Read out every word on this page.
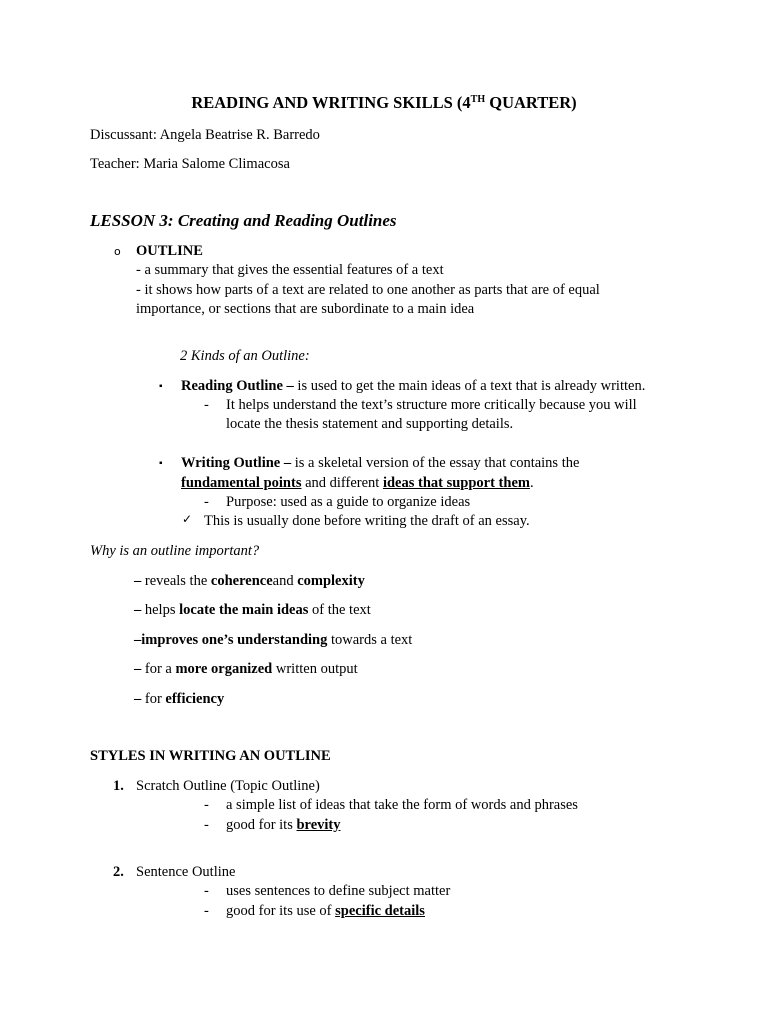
READING AND WRITING SKILLS (4TH QUARTER)
Discussant: Angela Beatrise R. Barredo
Teacher: Maria Salome Climacosa
LESSON 3: Creating and Reading Outlines
o OUTLINE
- a summary that gives the essential features of a text
- it shows how parts of a text are related to one another as parts that are of equal
importance, or sections that are subordinate to a main idea
2 Kinds of an Outline:
▪ Reading Outline – is used to get the main ideas of a text that is already written.
- It helps understand the text’s structure more critically because you will
locate the thesis statement and supporting details.
▪ Writing Outline – is a skeletal version of the essay that contains the
fundamental points and different ideas that support them.
- Purpose: used as a guide to organize ideas
✓ This is usually done before writing the draft of an essay.
Why is an outline important?
– reveals the coherenceand complexity
– helps locate the main ideas of the text
–improves one’s understanding towards a text
– for a more organized written output
– for efficiency
STYLES IN WRITING AN OUTLINE
1. Scratch Outline (Topic Outline)
- a simple list of ideas that take the form of words and phrases
- good for its brevity
2. Sentence Outline
- uses sentences to define subject matter
- good for its use of specific details
